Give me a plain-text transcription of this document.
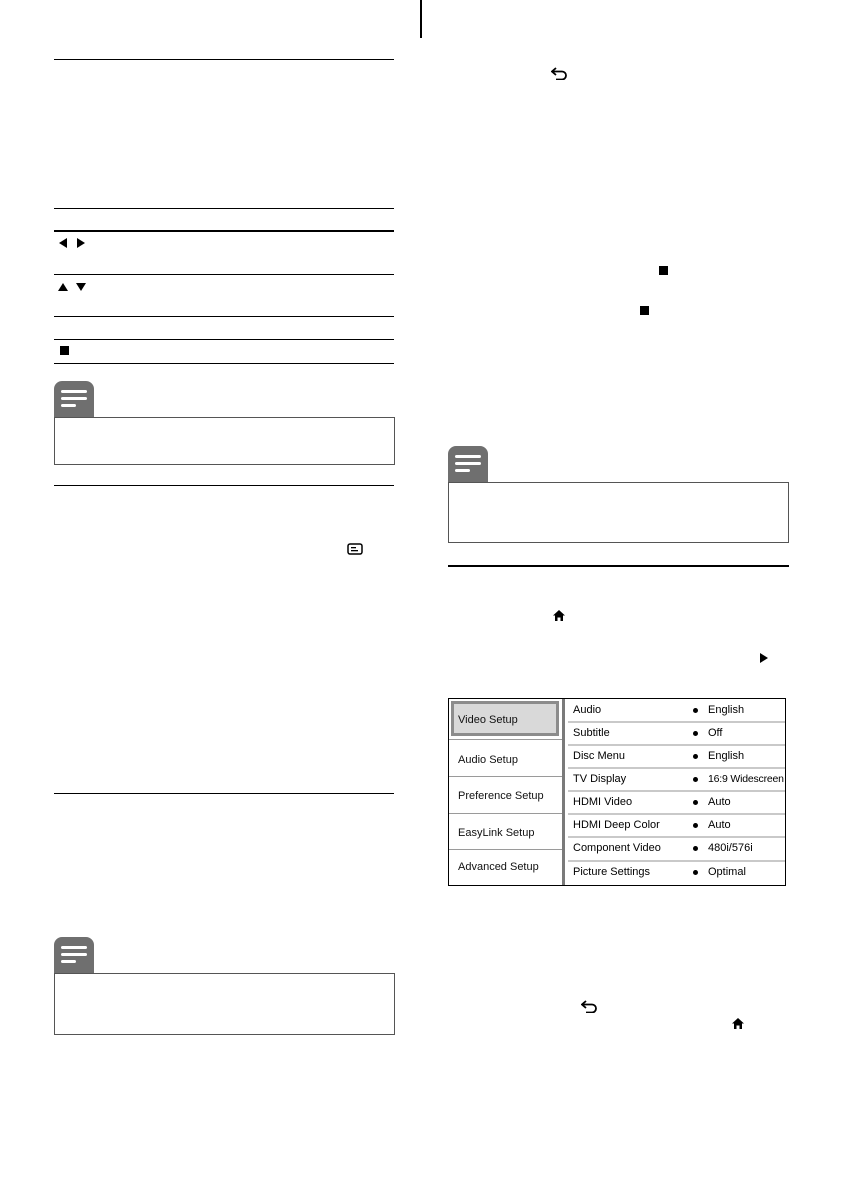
Video Setup
Audio Setup
Preference Setup
EasyLink Setup
Advanced Setup
Audio	English
Subtitle	Off
Disc Menu	English
TV Display	16:9 Widescreen
HDMI Video	Auto
HDMI Deep Color	Auto
Component Video	480i/576i
Picture Settings	Optimal
